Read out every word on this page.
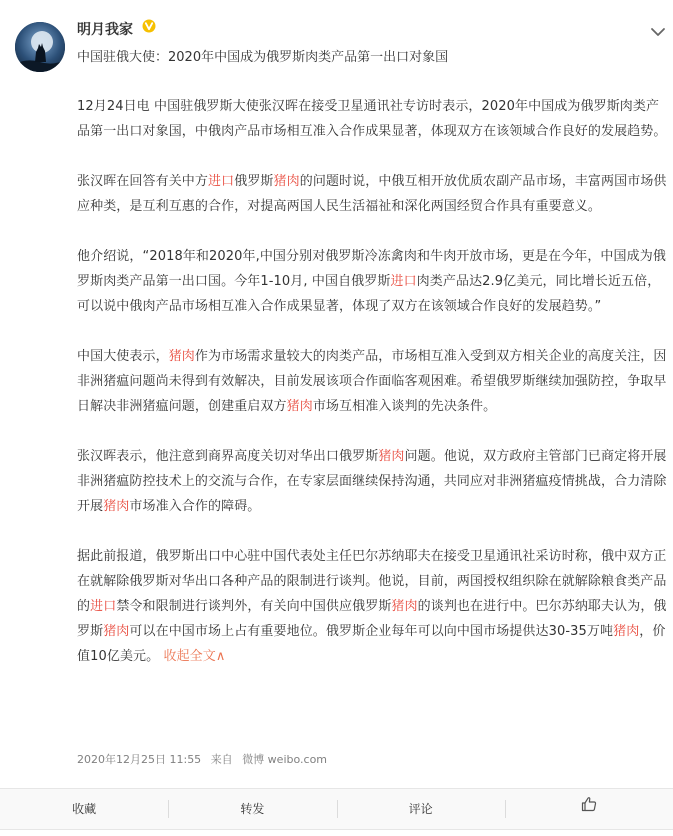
明月我家
中国驻俄大使：2020年中国成为俄罗斯肉类产品第一出口对象国

12月24日电 中国驻俄罗斯大使张汉晖在接受卫星通讯社专访时表示，2020年中国成为俄罗斯肉类产品第一出口对象国，中俄肉产品市场相互准入合作成果显著，体现双方在该领域合作良好的发展趋势。

张汉晖在回答有关中方进口俄罗斯猪肉的问题时说，中俄互相开放优质农副产品市场，丰富两国市场供应种类，是互利互惠的合作，对提高两国人民生活福祉和深化两国经贸合作具有重要意义。

他介绍说，“2018年和2020年,中国分别对俄罗斯冷冻禽肉和牛肉开放市场，更是在今年，中国成为俄罗斯肉类产品第一出口国。今年1-10月, 中国自俄罗斯进口肉类产品达2.9亿美元，同比增长近五倍，可以说中俄肉产品市场相互准入合作成果显著，体现了双方在该领域合作良好的发展趋势。”

中国大使表示，猪肉作为市场需求量较大的肉类产品，市场相互准入受到双方相关企业的高度关注，因非洲猪瘟问题尚未得到有效解决，目前发展该项合作面临客观困难。希望俄罗斯继续加强防控，争取早日解决非洲猪瘟问题，创建重启双方猪肉市场互相准入谈判的先决条件。

张汉晖表示，他注意到商界高度关切对华出口俄罗斯猪肉问题。他说，双方政府主管部门已商定将开展非洲猪瘟防控技术上的交流与合作，在专家层面继续保持沟通，共同应对非洲猪瘟疫情挑战，合力清除开展猪肉市场准入合作的障碍。

据此前报道，俄罗斯出口中心驻中国代表处主任巴尔苏纳耶夫在接受卫星通讯社采访时称，俄中双方正在就解除俄罗斯对华出口各种产品的限制进行谈判。他说，目前，两国授权组织除在就解除粮食类产品的进口禁令和限制进行谈判外，有关向中国供应俄罗斯猪肉的谈判也在进行中。巴尔苏纳耶夫认为，俄罗斯猪肉可以在中国市场上占有重要地位。俄罗斯企业每年可以向中国市场提供达30-35万吨猪肉，价值10亿美元。 收起全文∧

2020年12月25日 11:55 来自 微博 weibo.com
收藏	转发	评论
